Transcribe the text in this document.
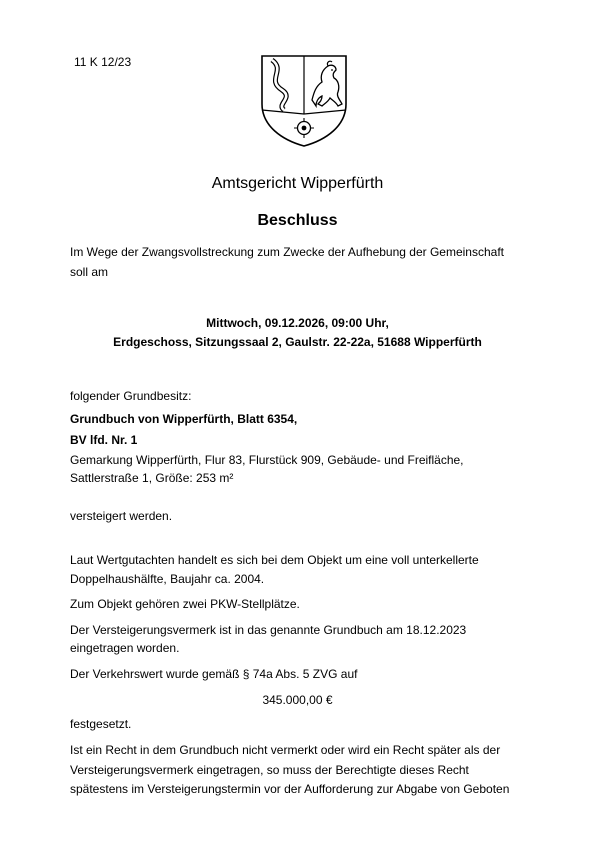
11 K 12/23

Amtsgericht Wipperfürth

Beschluss

Im Wege der Zwangsvollstreckung zum Zwecke der Aufhebung der Gemeinschaft

soll am

Mittwoch, 09.12.2026, 09:00 Uhr,

Erdgeschoss, Sitzungssaal 2, Gaulstr. 22-22a, 51688 Wipperfürth

folgender Grundbesitz:

Grundbuch von Wipperfürth, Blatt 6354,

BV lfd. Nr. 1

Gemarkung Wipperfürth, Flur 83, Flurstück 909, Gebäude- und Freifläche,

Sattlerstraße 1, Größe: 253 m²

versteigert werden.

Laut Wertgutachten handelt es sich bei dem Objekt um eine voll unterkellerte

Doppelhaushälfte, Baujahr ca. 2004.

Zum Objekt gehören zwei PKW-Stellplätze.

Der Versteigerungsvermerk ist in das genannte Grundbuch am 18.12.2023

eingetragen worden.

Der Verkehrswert wurde gemäß § 74a Abs. 5 ZVG auf

345.000,00 €

festgesetzt.

Ist ein Recht in dem Grundbuch nicht vermerkt oder wird ein Recht später als der

Versteigerungsvermerk eingetragen, so muss der Berechtigte dieses Recht

spätestens im Versteigerungstermin vor der Aufforderung zur Abgabe von Geboten
